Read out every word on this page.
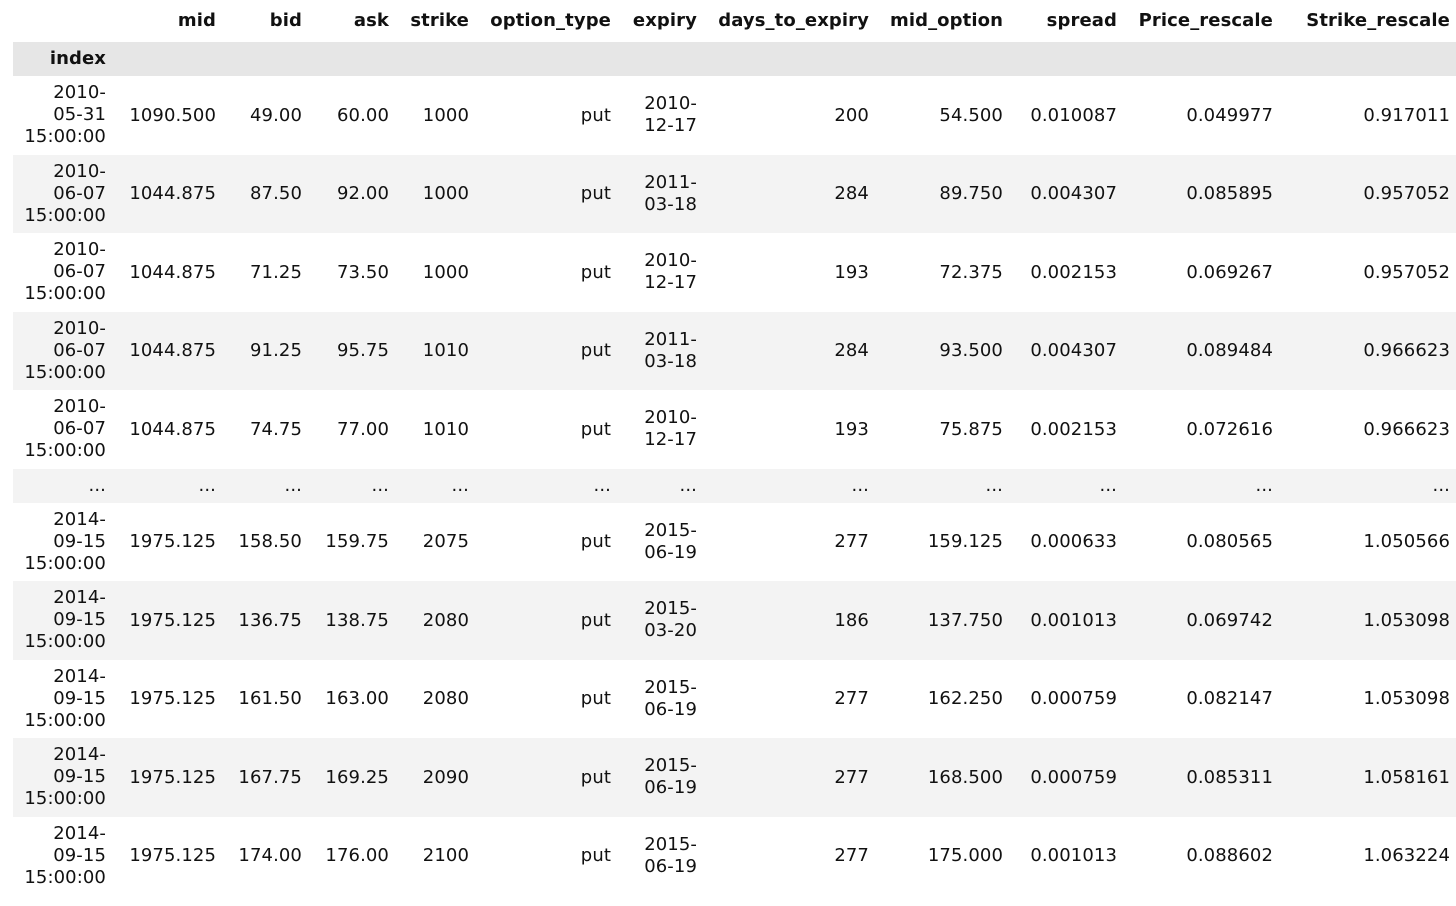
	mid	bid	ask	strike	option_type	expiry	days_to_expiry	mid_option	spread	Price_rescale	Strike_rescale
index											

2010-
05-31
15:00:00	1090.500	49.00	60.00	1000	put	2010-
12-17	200	54.500	0.010087	0.049977	0.917011

2010-
06-07
15:00:00	1044.875	87.50	92.00	1000	put	2011-
03-18	284	89.750	0.004307	0.085895	0.957052

2010-
06-07
15:00:00	1044.875	71.25	73.50	1000	put	2010-
12-17	193	72.375	0.002153	0.069267	0.957052

2010-
06-07
15:00:00	1044.875	91.25	95.75	1010	put	2011-
03-18	284	93.500	0.004307	0.089484	0.966623

2010-
06-07
15:00:00	1044.875	74.75	77.00	1010	put	2010-
12-17	193	75.875	0.002153	0.072616	0.966623
...	...	...	...	...	...	...	...	...	...	...	...

2014-
09-15
15:00:00	1975.125	158.50	159.75	2075	put	2015-
06-19	277	159.125	0.000633	0.080565	1.050566

2014-
09-15
15:00:00	1975.125	136.75	138.75	2080	put	2015-
03-20	186	137.750	0.001013	0.069742	1.053098

2014-
09-15
15:00:00	1975.125	161.50	163.00	2080	put	2015-
06-19	277	162.250	0.000759	0.082147	1.053098

2014-
09-15
15:00:00	1975.125	167.75	169.25	2090	put	2015-
06-19	277	168.500	0.000759	0.085311	1.058161

2014-
09-15
15:00:00	1975.125	174.00	176.00	2100	put	2015-
06-19	277	175.000	0.001013	0.088602	1.063224
